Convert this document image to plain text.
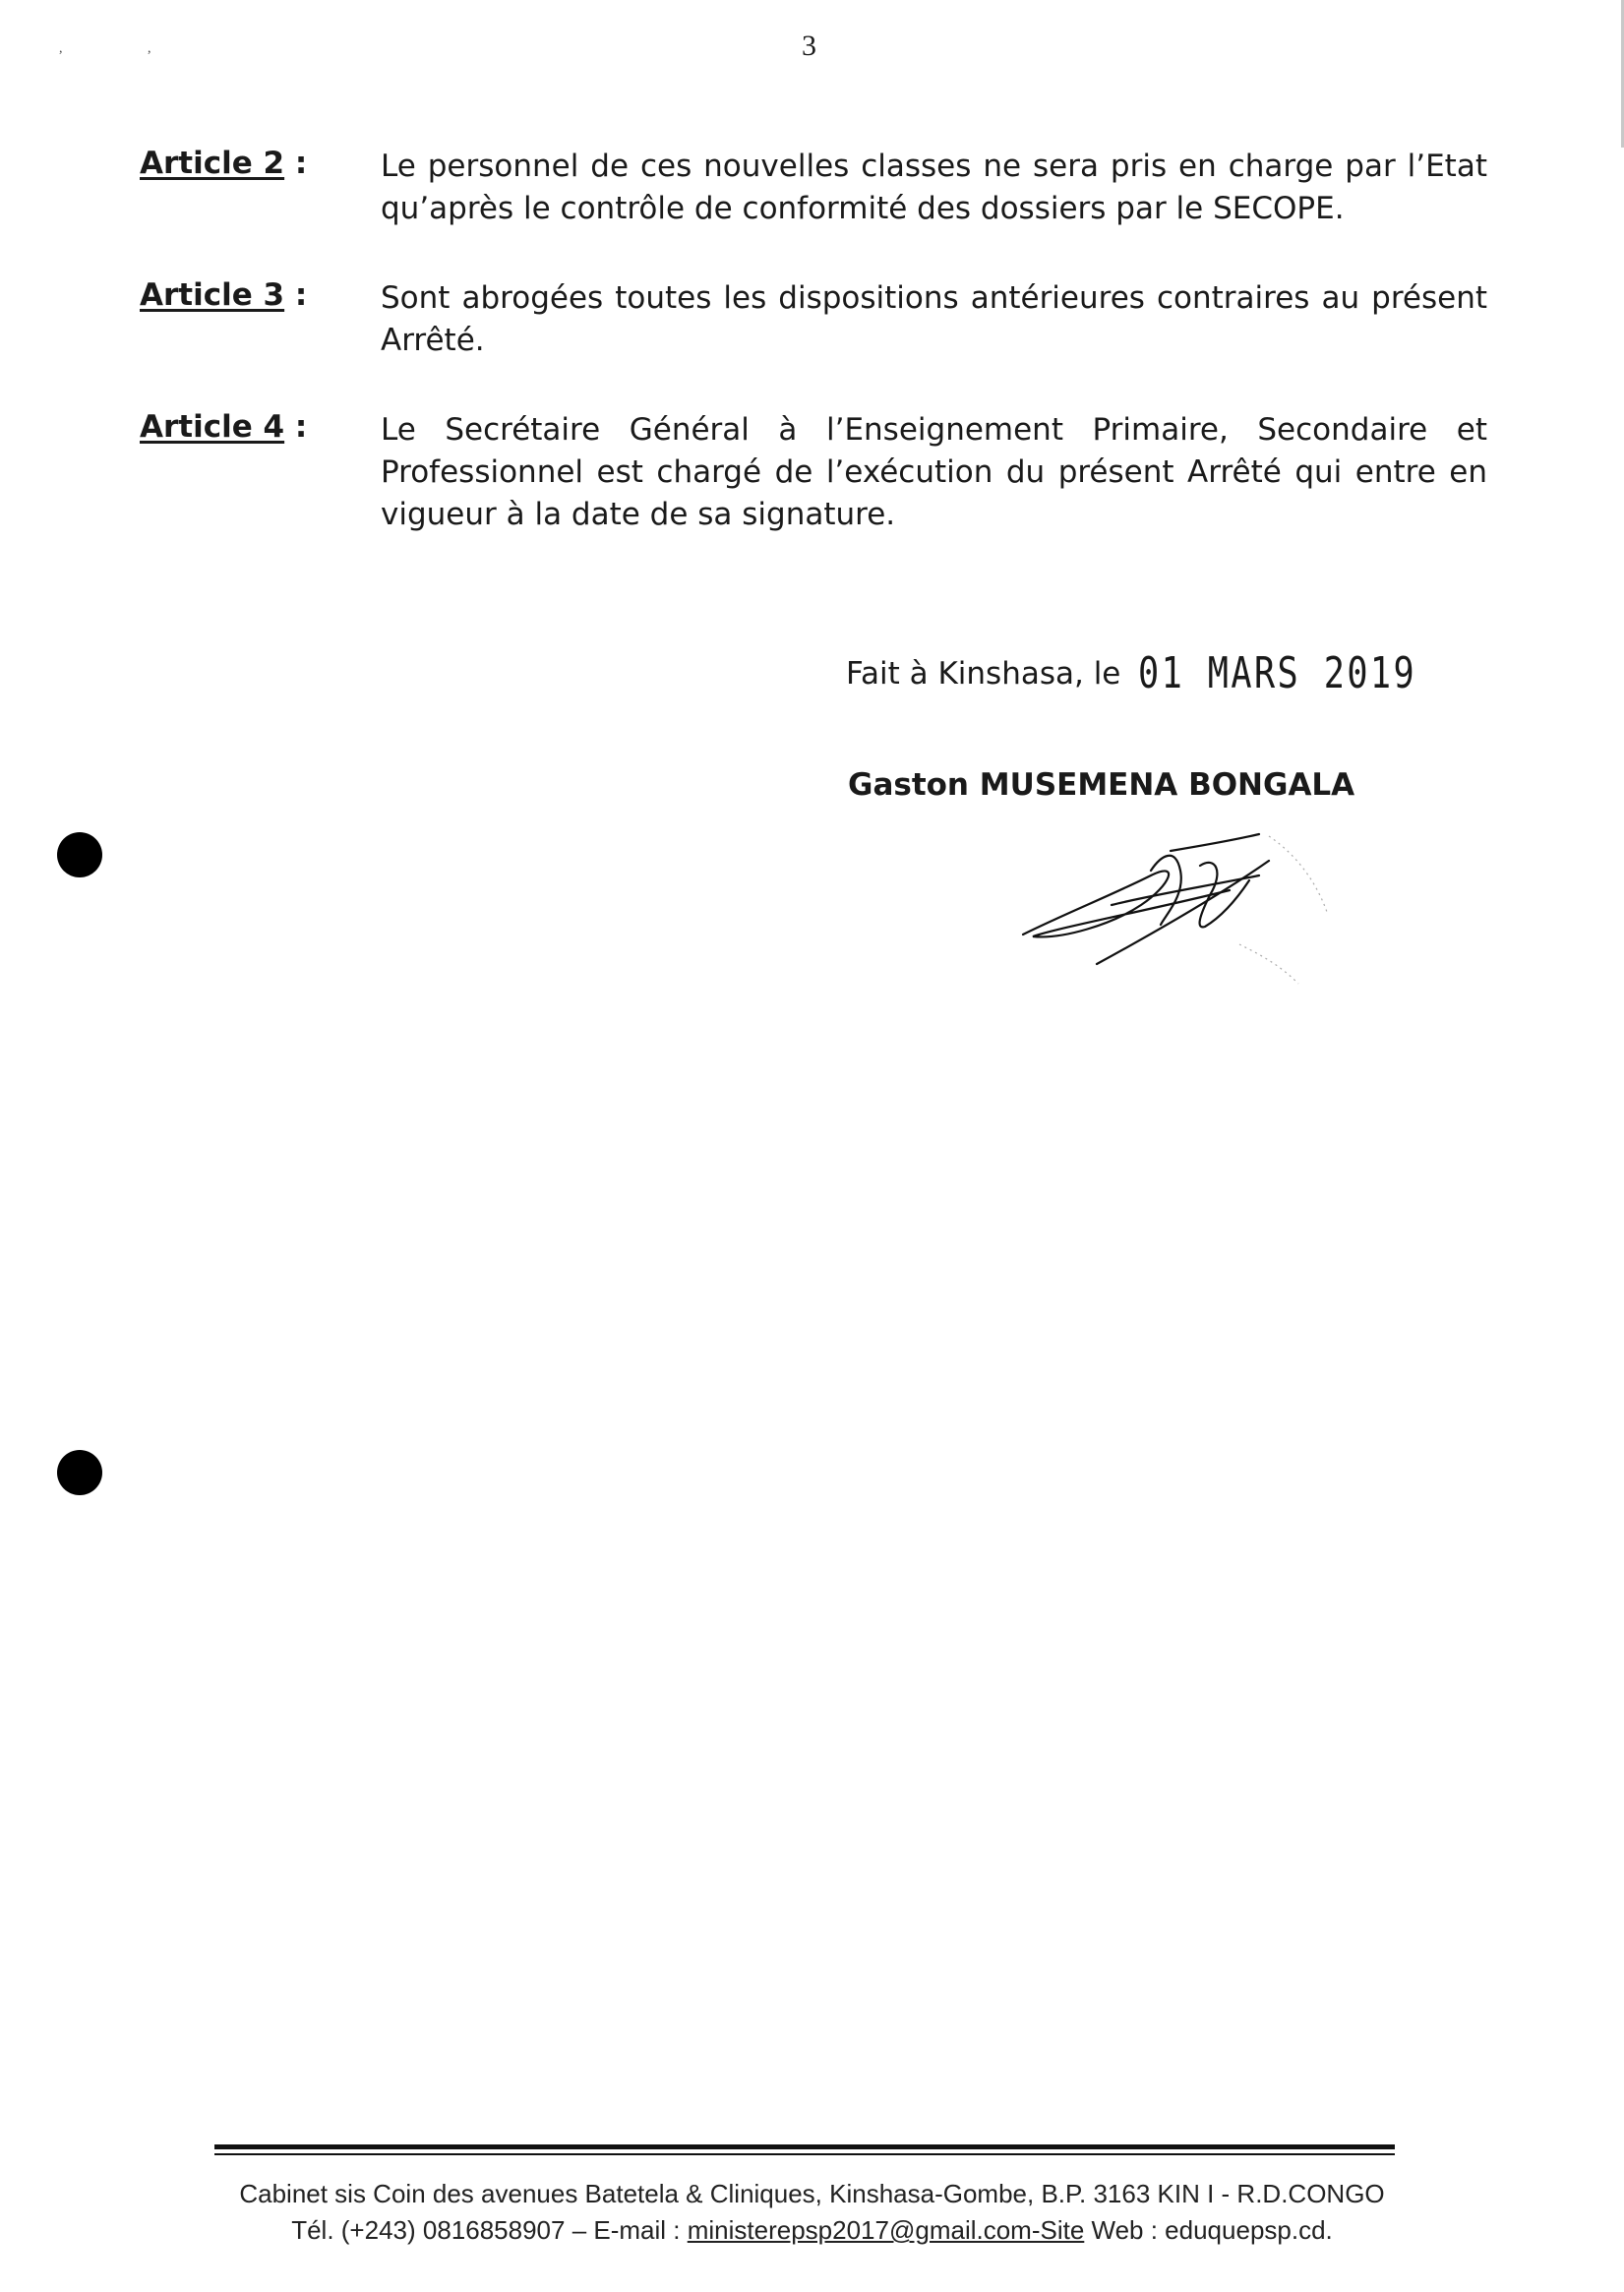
,	,	3
Article 2 : Le personnel de ces nouvelles classes ne sera pris en charge par l’Etat qu’après le contrôle de conformité des dossiers par le SECOPE.
Article 3 : Sont abrogées toutes les dispositions antérieures contraires au présent Arrêté.
Article 4 : Le Secrétaire Général à l’Enseignement Primaire, Secondaire et Professionnel est chargé de l’exécution du présent Arrêté qui entre en vigueur à la date de sa signature.
Fait à Kinshasa, le 01 MARS 2019
Gaston MUSEMENA BONGALA
Cabinet sis Coin des avenues Batetela & Cliniques, Kinshasa-Gombe, B.P. 3163 KIN I - R.D.CONGO
Tél. (+243) 0816858907 – E-mail : ministerepsp2017@gmail.com-Site Web : eduquepsp.cd.
